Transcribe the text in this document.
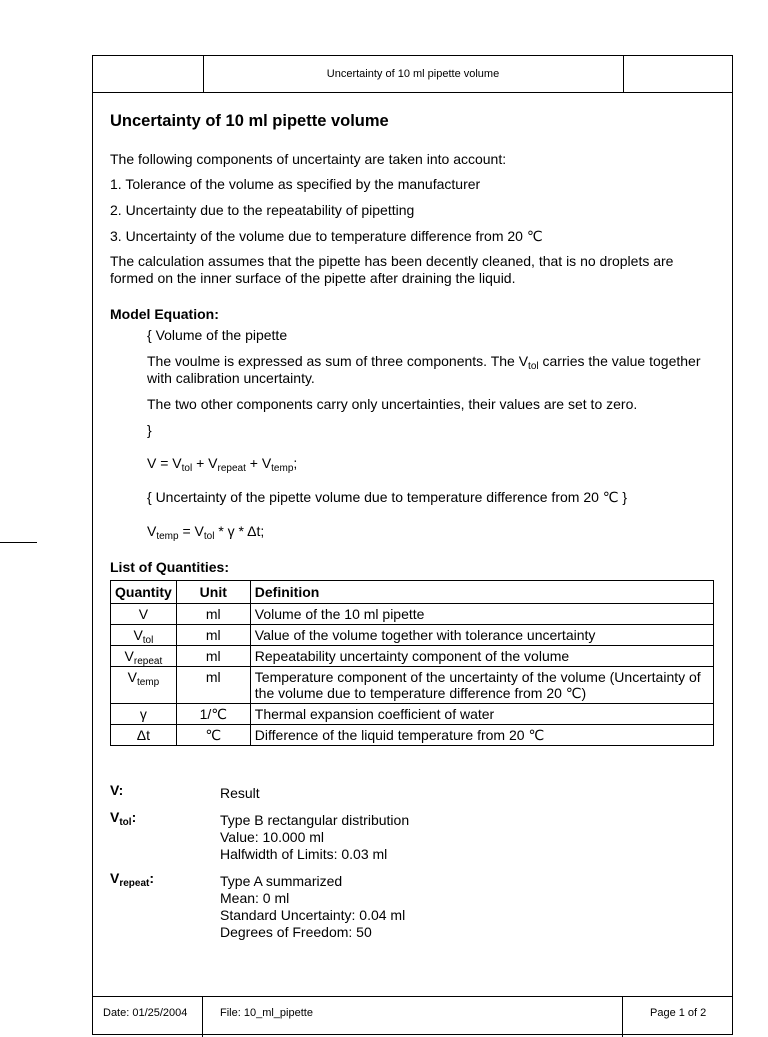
Uncertainty of 10 ml pipette volume
Date: 01/25/2004	File: 10_ml_pipette	Page 1 of 2
Uncertainty of 10 ml pipette volume
The following components of uncertainty are taken into account:
1. Tolerance of the volume as specified by the manufacturer
2. Uncertainty due to the repeatability of pipetting
3. Uncertainty of the volume due to temperature difference from 20 ℃
The calculation assumes that the pipette has been decently cleaned, that is no droplets are formed on the inner surface of the pipette after draining the liquid.
Model Equation:
{ Volume of the pipette
The voulme is expressed as sum of three components. The $V_{tol}$ carries the value together with calibration uncertainty.
The two other components carry only uncertainties, their values are set to zero.
}
$V = V_{tol} + V_{repeat} + V_{temp}$;
{ Uncertainty of the pipette volume due to temperature difference from 20 ℃ }
$V_{temp} = V_{tol} * \gamma * \Delta t$;
List of Quantities:
Quantity	Unit	Definition
V	ml	Volume of the 10 ml pipette
$V_{tol}$	ml	Value of the volume together with tolerance uncertainty
$V_{repeat}$	ml	Repeatability uncertainty component of the volume
$V_{temp}$	ml	Temperature component of the uncertainty of the volume (Uncertainty of the volume due to temperature difference from 20 ℃)
γ	1/℃	Thermal expansion coefficient of water
Δt	℃	Difference of the liquid temperature from 20 ℃
V:	Result
$V_{tol}$:	Type B rectangular distribution
Value: 10.000 ml
Halfwidth of Limits: 0.03 ml
$V_{repeat}$:	Type A summarized
Mean: 0 ml
Standard Uncertainty: 0.04 ml
Degrees of Freedom: 50
